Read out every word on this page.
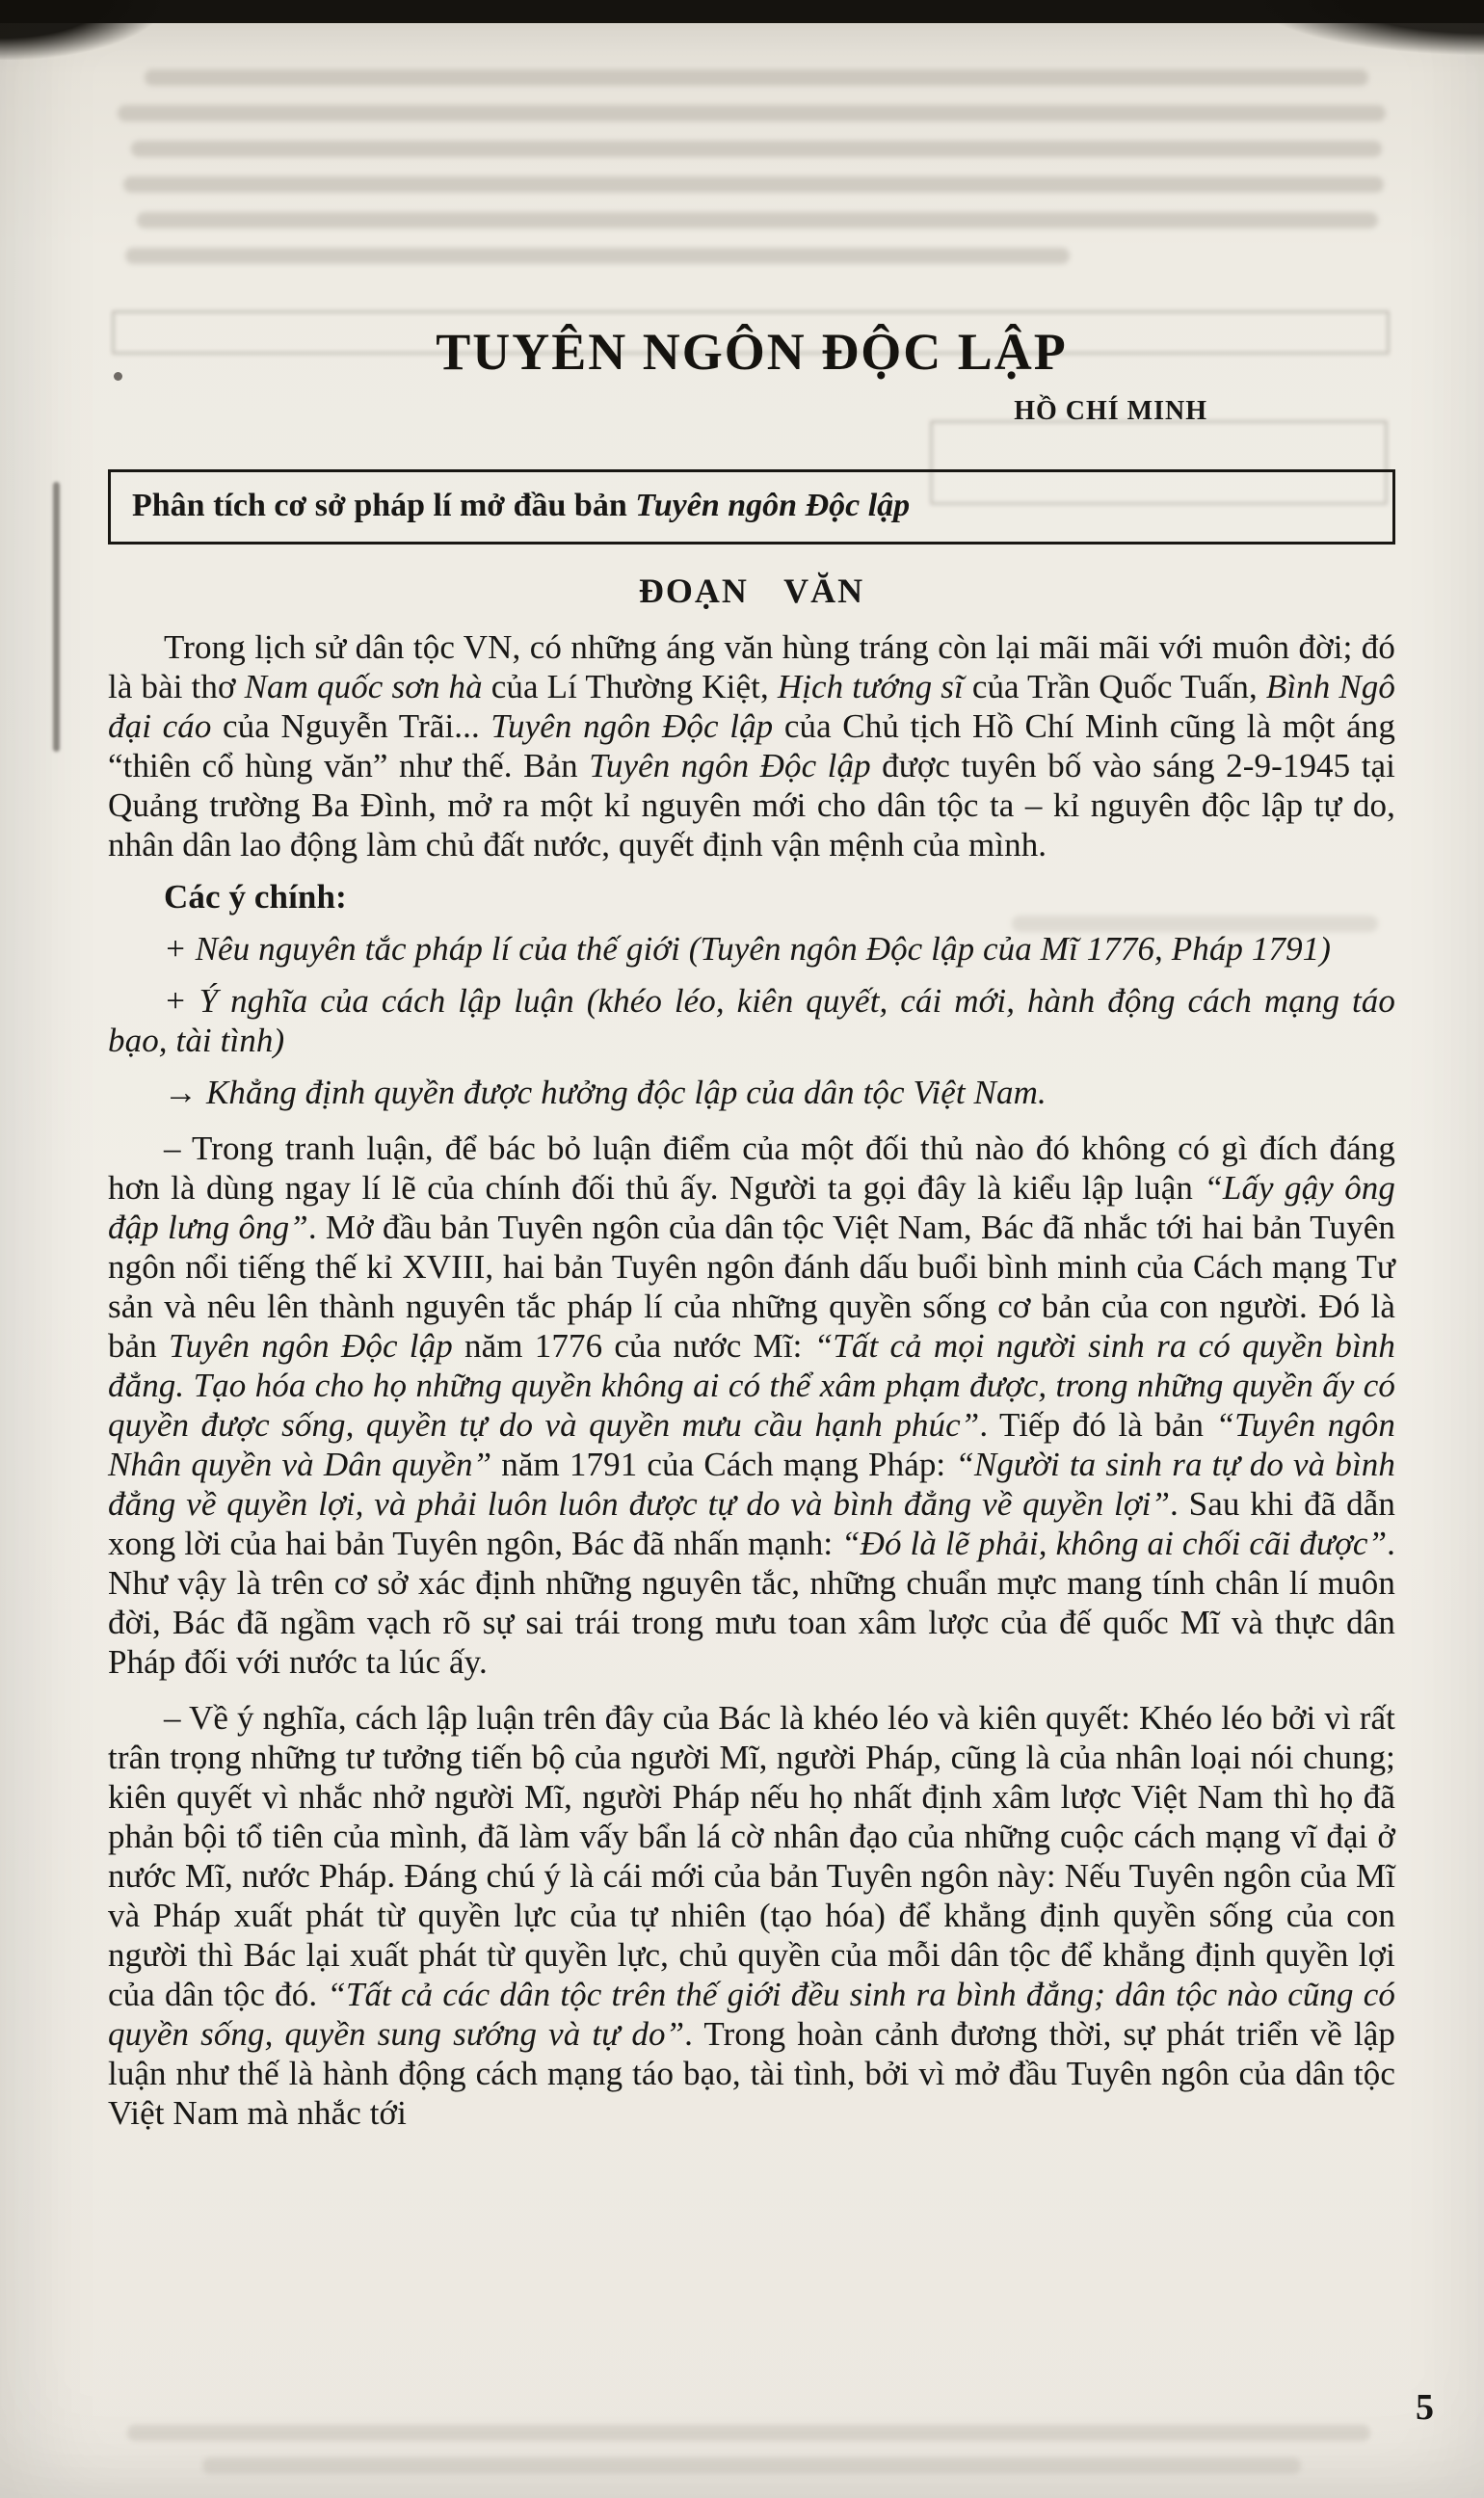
TUYÊN NGÔN ĐỘC LẬP
HỒ CHÍ MINH
Phân tích cơ sở pháp lí mở đầu bản Tuyên ngôn Độc lập
ĐOẠN VĂN

Trong lịch sử dân tộc VN, có những áng văn hùng tráng còn lại mãi mãi với muôn đời; đó là bài thơ Nam quốc sơn hà của Lí Thường Kiệt, Hịch tướng sĩ của Trần Quốc Tuấn, Bình Ngô đại cáo của Nguyễn Trãi... Tuyên ngôn Độc lập của Chủ tịch Hồ Chí Minh cũng là một áng “thiên cổ hùng văn” như thế. Bản Tuyên ngôn Độc lập được tuyên bố vào sáng 2-9-1945 tại Quảng trường Ba Đình, mở ra một kỉ nguyên mới cho dân tộc ta – kỉ nguyên độc lập tự do, nhân dân lao động làm chủ đất nước, quyết định vận mệnh của mình.

Các ý chính:

+ Nêu nguyên tắc pháp lí của thế giới (Tuyên ngôn Độc lập của Mĩ 1776, Pháp 1791)

+ Ý nghĩa của cách lập luận (khéo léo, kiên quyết, cái mới, hành động cách mạng táo bạo, tài tình)

→ Khẳng định quyền được hưởng độc lập của dân tộc Việt Nam.

– Trong tranh luận, để bác bỏ luận điểm của một đối thủ nào đó không có gì đích đáng hơn là dùng ngay lí lẽ của chính đối thủ ấy. Người ta gọi đây là kiểu lập luận “Lấy gậy ông đập lưng ông”. Mở đầu bản Tuyên ngôn của dân tộc Việt Nam, Bác đã nhắc tới hai bản Tuyên ngôn nổi tiếng thế kỉ XVIII, hai bản Tuyên ngôn đánh dấu buổi bình minh của Cách mạng Tư sản và nêu lên thành nguyên tắc pháp lí của những quyền sống cơ bản của con người. Đó là bản Tuyên ngôn Độc lập năm 1776 của nước Mĩ: “Tất cả mọi người sinh ra có quyền bình đẳng. Tạo hóa cho họ những quyền không ai có thể xâm phạm được, trong những quyền ấy có quyền được sống, quyền tự do và quyền mưu cầu hạnh phúc”. Tiếp đó là bản “Tuyên ngôn Nhân quyền và Dân quyền” năm 1791 của Cách mạng Pháp: “Người ta sinh ra tự do và bình đẳng về quyền lợi, và phải luôn luôn được tự do và bình đẳng về quyền lợi”. Sau khi đã dẫn xong lời của hai bản Tuyên ngôn, Bác đã nhấn mạnh: “Đó là lẽ phải, không ai chối cãi được”. Như vậy là trên cơ sở xác định những nguyên tắc, những chuẩn mực mang tính chân lí muôn đời, Bác đã ngầm vạch rõ sự sai trái trong mưu toan xâm lược của đế quốc Mĩ và thực dân Pháp đối với nước ta lúc ấy.

– Về ý nghĩa, cách lập luận trên đây của Bác là khéo léo và kiên quyết: Khéo léo bởi vì rất trân trọng những tư tưởng tiến bộ của người Mĩ, người Pháp, cũng là của nhân loại nói chung; kiên quyết vì nhắc nhở người Mĩ, người Pháp nếu họ nhất định xâm lược Việt Nam thì họ đã phản bội tổ tiên của mình, đã làm vấy bẩn lá cờ nhân đạo của những cuộc cách mạng vĩ đại ở nước Mĩ, nước Pháp. Đáng chú ý là cái mới của bản Tuyên ngôn này: Nếu Tuyên ngôn của Mĩ và Pháp xuất phát từ quyền lực của tự nhiên (tạo hóa) để khẳng định quyền sống của con người thì Bác lại xuất phát từ quyền lực, chủ quyền của mỗi dân tộc để khẳng định quyền lợi của dân tộc đó. “Tất cả các dân tộc trên thế giới đều sinh ra bình đẳng; dân tộc nào cũng có quyền sống, quyền sung sướng và tự do”. Trong hoàn cảnh đương thời, sự phát triển về lập luận như thế là hành động cách mạng táo bạo, tài tình, bởi vì mở đầu Tuyên ngôn của dân tộc Việt Nam mà nhắc tới

5
